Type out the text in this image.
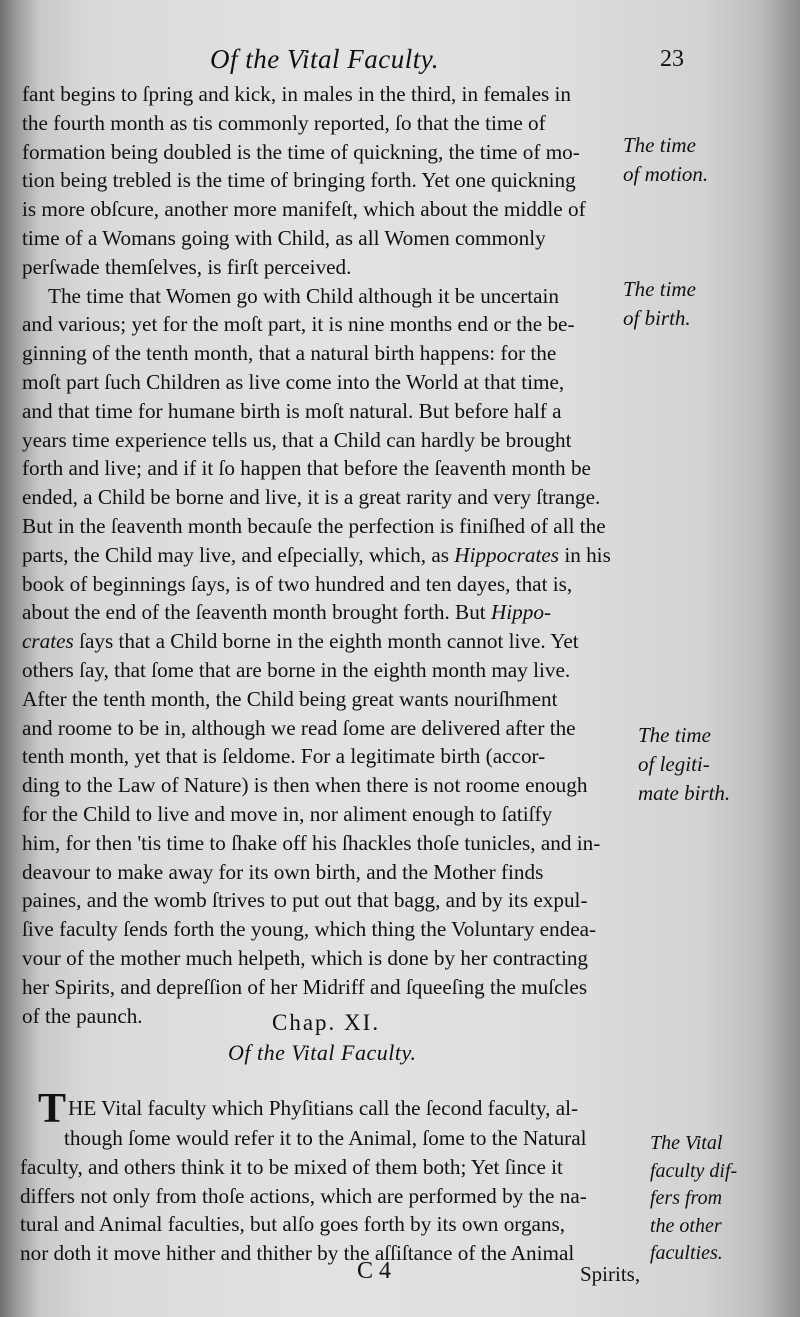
Of the Vital Faculty.	23
fant begins to ſpring and kick, in males in the third, in females in
the fourth month as tis commonly reported, ſo that the time of
formation being doubled is the time of quickning, the time of mo-
tion being trebled is the time of bringing forth. Yet one quickning
is more obſcure, another more manifeſt, which about the middle of
time of a Womans going with Child, as all Women commonly
perſwade themſelves, is firſt perceived.
The time that Women go with Child although it be uncertain
and various; yet for the moſt part, it is nine months end or the be-
ginning of the tenth month, that a natural birth happens: for the
moſt part ſuch Children as live come into the World at that time,
and that time for humane birth is moſt natural. But before half a
years time experience tells us, that a Child can hardly be brought
forth and live; and if it ſo happen that before the ſeaventh month be
ended, a Child be borne and live, it is a great rarity and very ſtrange.
But in the ſeaventh month becauſe the perfection is finiſhed of all the
parts, the Child may live, and eſpecially, which, as Hippocrates in his
book of beginnings ſays, is of two hundred and ten dayes, that is,
about the end of the ſeaventh month brought forth. But Hippo-
crates ſays that a Child borne in the eighth month cannot live. Yet
others ſay, that ſome that are borne in the eighth month may live.
After the tenth month, the Child being great wants nouriſhment
and roome to be in, although we read ſome are delivered after the
tenth month, yet that is ſeldome. For a legitimate birth (accor-
ding to the Law of Nature) is then when there is not roome enough
for the Child to live and move in, nor aliment enough to ſatiſfy
him, for then 'tis time to ſhake off his ſhackles thoſe tunicles, and in-
deavour to make away for its own birth, and the Mother finds
paines, and the womb ſtrives to put out that bagg, and by its expul-
ſive faculty ſends forth the young, which thing the Voluntary endea-
vour of the mother much helpeth, which is done by her contracting
her Spirits, and depreſſion of her Midriff and ſqueeſing the muſcles
of the paunch.
The time
of motion.
The time
of birth.
The time
of legiti-
mate birth.
Chap. XI.
Of the Vital Faculty.
THE Vital faculty which Phyſitians call the ſecond faculty, al-
though ſome would refer it to the Animal, ſome to the Natural
faculty, and others think it to be mixed of them both; Yet ſince it
differs not only from thoſe actions, which are performed by the na-
tural and Animal faculties, but alſo goes forth by its own organs,
nor doth it move hither and thither by the aſſiſtance of the Animal
The Vital
faculty dif-
fers from
the other
faculties.
C 4	Spirits,
